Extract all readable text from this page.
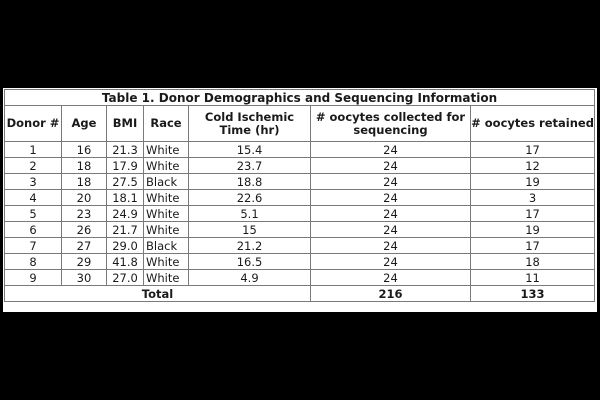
Table 1. Donor Demographics and Sequencing Information						
Donor #	Age	BMI	Race	Cold Ischemic Time (hr)	# oocytes collected for sequencing	# oocytes retained
1	16	21.3	White	15.4	24	17
2	18	17.9	White	23.7	24	12
3	18	27.5	Black	18.8	24	19
4	20	18.1	White	22.6	24	3
5	23	24.9	White	5.1	24	17
6	26	21.7	White	15	24	19
7	27	29.0	Black	21.2	24	17
8	29	41.8	White	16.5	24	18
9	30	27.0	White	4.9	24	11
Total					216	133
